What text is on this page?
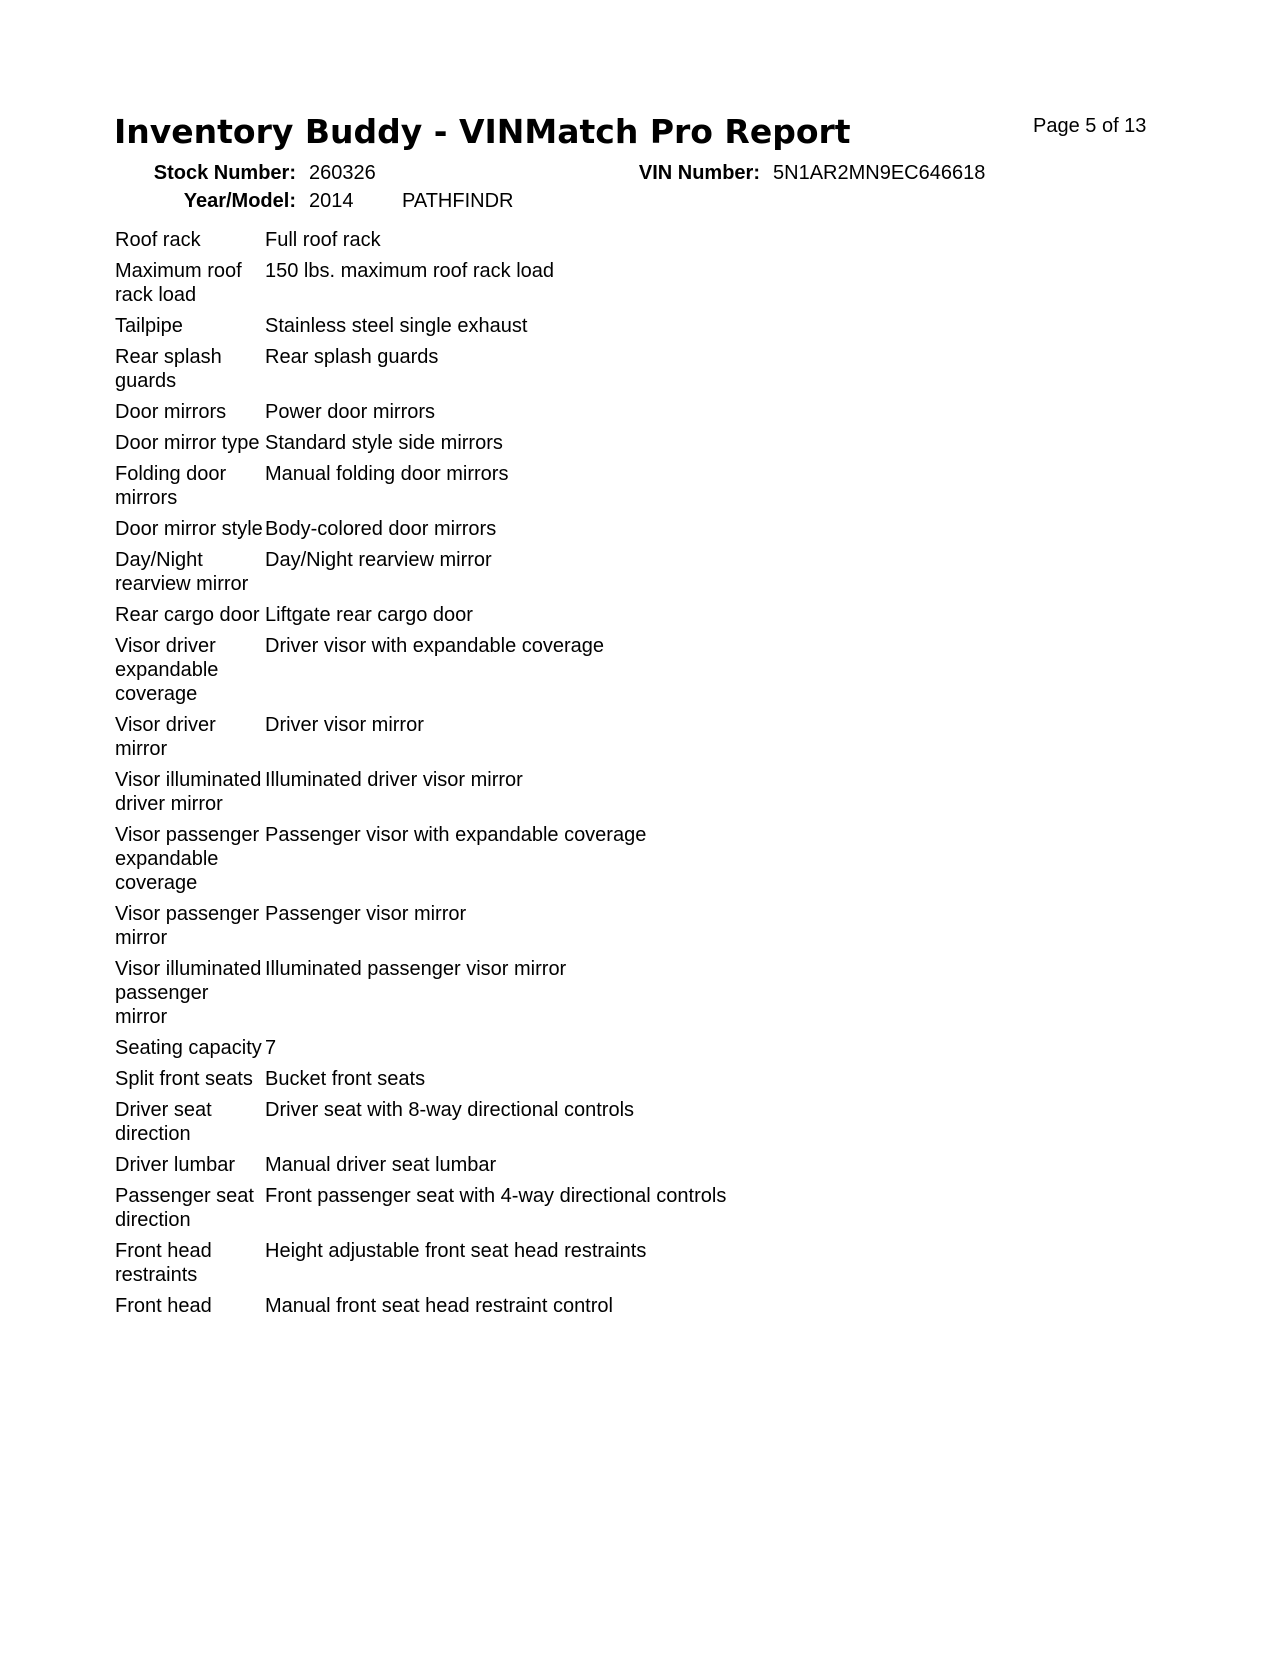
Inventory Buddy - VINMatch Pro Report	Page 5 of 13
Stock Number: 260326
Year/Model: 2014 PATHFINDR
VIN Number: 5N1AR2MN9EC646618
Roof rack	Full roof rack
Maximum roof rack load	150 lbs. maximum roof rack load
Tailpipe	Stainless steel single exhaust
Rear splash guards	Rear splash guards
Door mirrors	Power door mirrors
Door mirror type	Standard style side mirrors
Folding door mirrors	Manual folding door mirrors
Door mirror style	Body-colored door mirrors
Day/Night rearview mirror	Day/Night rearview mirror
Rear cargo door	Liftgate rear cargo door
Visor driver expandable coverage	Driver visor with expandable coverage
Visor driver mirror	Driver visor mirror
Visor illuminated driver mirror	Illuminated driver visor mirror
Visor passenger expandable coverage	Passenger visor with expandable coverage
Visor passenger mirror	Passenger visor mirror
Visor illuminated passenger mirror	Illuminated passenger visor mirror
Seating capacity	7
Split front seats	Bucket front seats
Driver seat direction	Driver seat with 8-way directional controls
Driver lumbar	Manual driver seat lumbar
Passenger seat direction	Front passenger seat with 4-way directional controls
Front head restraints	Height adjustable front seat head restraints
Front head	Manual front seat head restraint control
